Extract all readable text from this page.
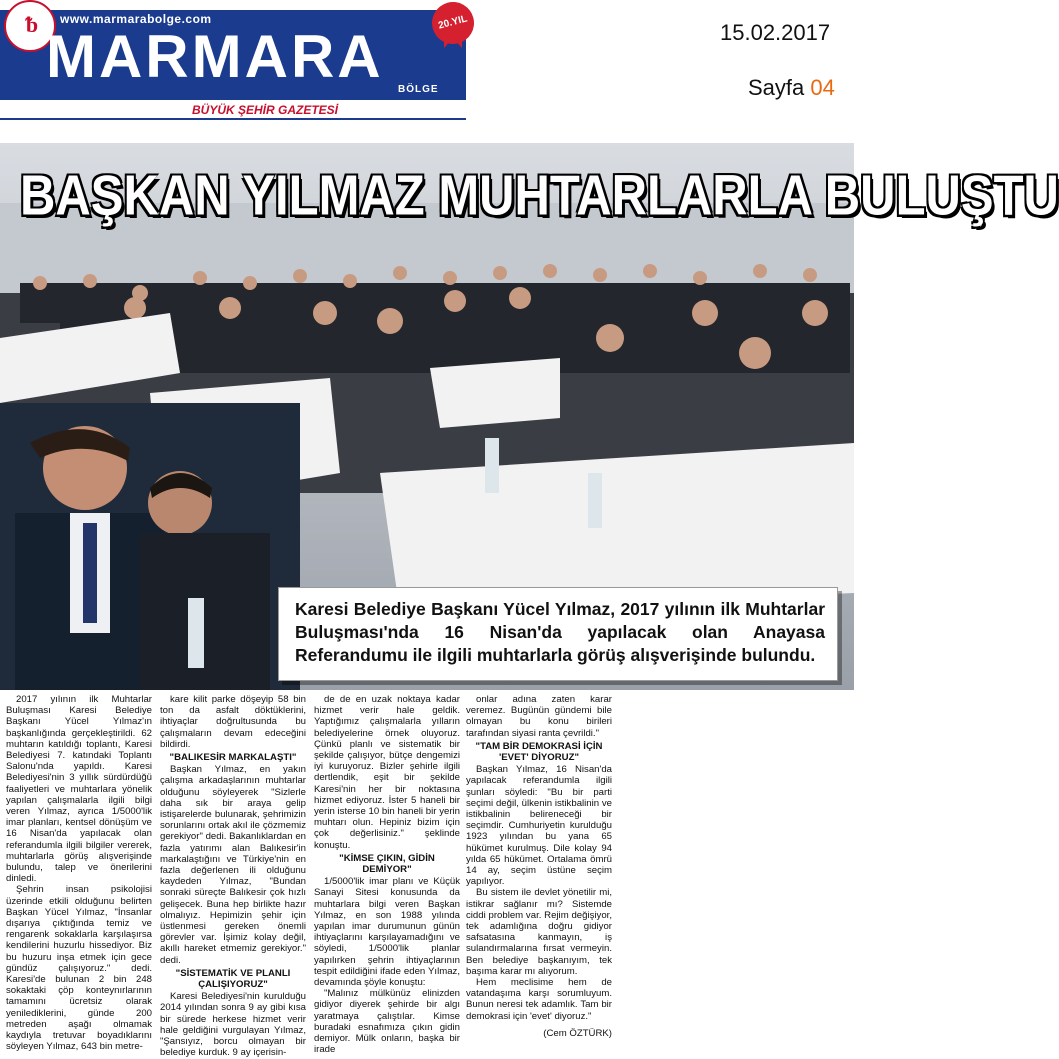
ᵬ	www.marmarabolge.com
MARMARA BÖLGE
BÜYÜK ŞEHİR GAZETESİ
20.YIL	15.02.2017
Sayfa 04
BAŞKAN YILMAZ MUHTARLARLA BULUŞTU
Karesi Belediye Başkanı Yücel Yılmaz, 2017 yılının ilk Muhtarlar Buluşması'nda 16 Nisan'da yapılacak olan Anayasa Referandumu ile ilgili muhtarlarla görüş alışverişinde bulundu.

2017 yılının ilk Muhtarlar Buluşması Karesi Belediye Başkanı Yücel Yılmaz'ın başkanlığında gerçekleştirildi. 62 muhtarın katıldığı toplantı, Karesi Belediyesi 7. katındaki Toplantı Salonu'nda yapıldı. Karesi Belediyesi'nin 3 yıllık sürdürdüğü faaliyetleri ve muhtarlara yönelik yapılan çalışmalarla ilgili bilgi veren Yılmaz, ayrıca 1/5000'lik imar planları, kentsel dönüşüm ve 16 Nisan'da yapılacak olan referandumla ilgili bilgiler vererek, muhtarlarla görüş alışverişinde bulundu, talep ve önerilerini dinledi.

Şehrin insan psikolojisi üzerinde etkili olduğunu belirten Başkan Yücel Yılmaz, "İnsanlar dışarıya çıktığında temiz ve rengarenk sokaklarla karşılaşırsa kendilerini huzurlu hissediyor. Biz bu huzuru inşa etmek için gece gündüz çalışıyoruz." dedi. Karesi'de bulunan 2 bin 248 sokaktaki çöp konteynırlarının tamamını ücretsiz olarak yenilediklerini, günde 200 metreden aşağı olmamak kaydıyla tretuvar boyadıklarını söyleyen Yılmaz, 643 bin metre-

kare kilit parke döşeyip 58 bin ton da asfalt döktüklerini, ihtiyaçlar doğrultusunda bu çalışmaların devam edeceğini bildirdi.

"BALIKESİR MARKALAŞTI"

Başkan Yılmaz, en yakın çalışma arkadaşlarının muhtarlar olduğunu söyleyerek "Sizlerle daha sık bir araya gelip istişarelerde bulunarak, şehrimizin sorunlarını ortak akıl ile çözmemiz gerekiyor" dedi. Bakanlıklardan en fazla yatırımı alan Balıkesir'in markalaştığını ve Türkiye'nin en fazla değerlenen ili olduğunu kaydeden Yılmaz, "Bundan sonraki süreçte Balıkesir çok hızlı gelişecek. Buna hep birlikte hazır olmalıyız. Hepimizin şehir için üstlenmesi gereken önemli görevler var. İşimiz kolay değil, akıllı hareket etmemiz gerekiyor." dedi.

"SİSTEMATİK VE PLANLI ÇALIŞIYORUZ"

Karesi Belediyesi'nin kurulduğu 2014 yılından sonra 9 ay gibi kısa bir sürede herkese hizmet verir hale geldiğini vurgulayan Yılmaz, "Şansıyız, borcu olmayan bir belediye kurduk. 9 ay içerisin-

de de en uzak noktaya kadar hizmet verir hale geldik. Yaptığımız çalışmalarla yılların belediyelerine örnek oluyoruz. Çünkü planlı ve sistematik bir şekilde çalışıyor, bütçe dengemizi iyi kuruyoruz. Bizler şehirle ilgili dertlendik, eşit bir şekilde Karesi'nin her bir noktasına hizmet ediyoruz. İster 5 haneli bir yerin isterse 10 bin haneli bir yerin muhtarı olun. Hepiniz bizim için çok değerlisiniz." şeklinde konuştu.

"KİMSE ÇIKIN, GİDİN DEMİYOR"

1/5000'lik imar planı ve Küçük Sanayi Sitesi konusunda da muhtarlara bilgi veren Başkan Yılmaz, en son 1988 yılında yapılan imar durumunun günün ihtiyaçlarını karşılayamadığını ve söyledi, 1/5000'lik planlar yapılırken şehrin ihtiyaçlarının tespit edildiğini ifade eden Yılmaz, devamında şöyle konuştu:

"Malınız mülkünüz elinizden gidiyor diyerek şehirde bir algı yaratmaya çalıştılar. Kimse buradaki esnafımıza çıkın gidin demiyor. Mülk onların, başka bir irade

onlar adına zaten karar veremez. Bugünün gündemi bile olmayan bu konu birileri tarafından siyasi ranta çevrildi."

"TAM BİR DEMOKRASİ İÇİN 'EVET' DİYORUZ"

Başkan Yılmaz, 16 Nisan'da yapılacak referandumla ilgili şunları söyledi: "Bu bir parti seçimi değil, ülkenin istikbalinin ve istikbalinin belireneceği bir seçimdir. Cumhuriyetin kurulduğu 1923 yılından bu yana 65 hükümet kurulmuş. Dile kolay 94 yılda 65 hükümet. Ortalama ömrü 14 ay, seçim üstüne seçim yapılıyor.

Bu sistem ile devlet yönetilir mi, istikrar sağlanır mı? Sistemde ciddi problem var. Rejim değişiyor, tek adamlığına doğru gidiyor safsatasına kanmayın, iş sulandırmalarına fırsat vermeyin. Ben belediye başkanıyım, tek başıma karar mı alıyorum.

Hem meclisime hem de vatandaşıma karşı sorumluyum. Bunun neresi tek adamlık. Tam bir demokrasi için 'evet' diyoruz."

(Cem ÖZTÜRK)
